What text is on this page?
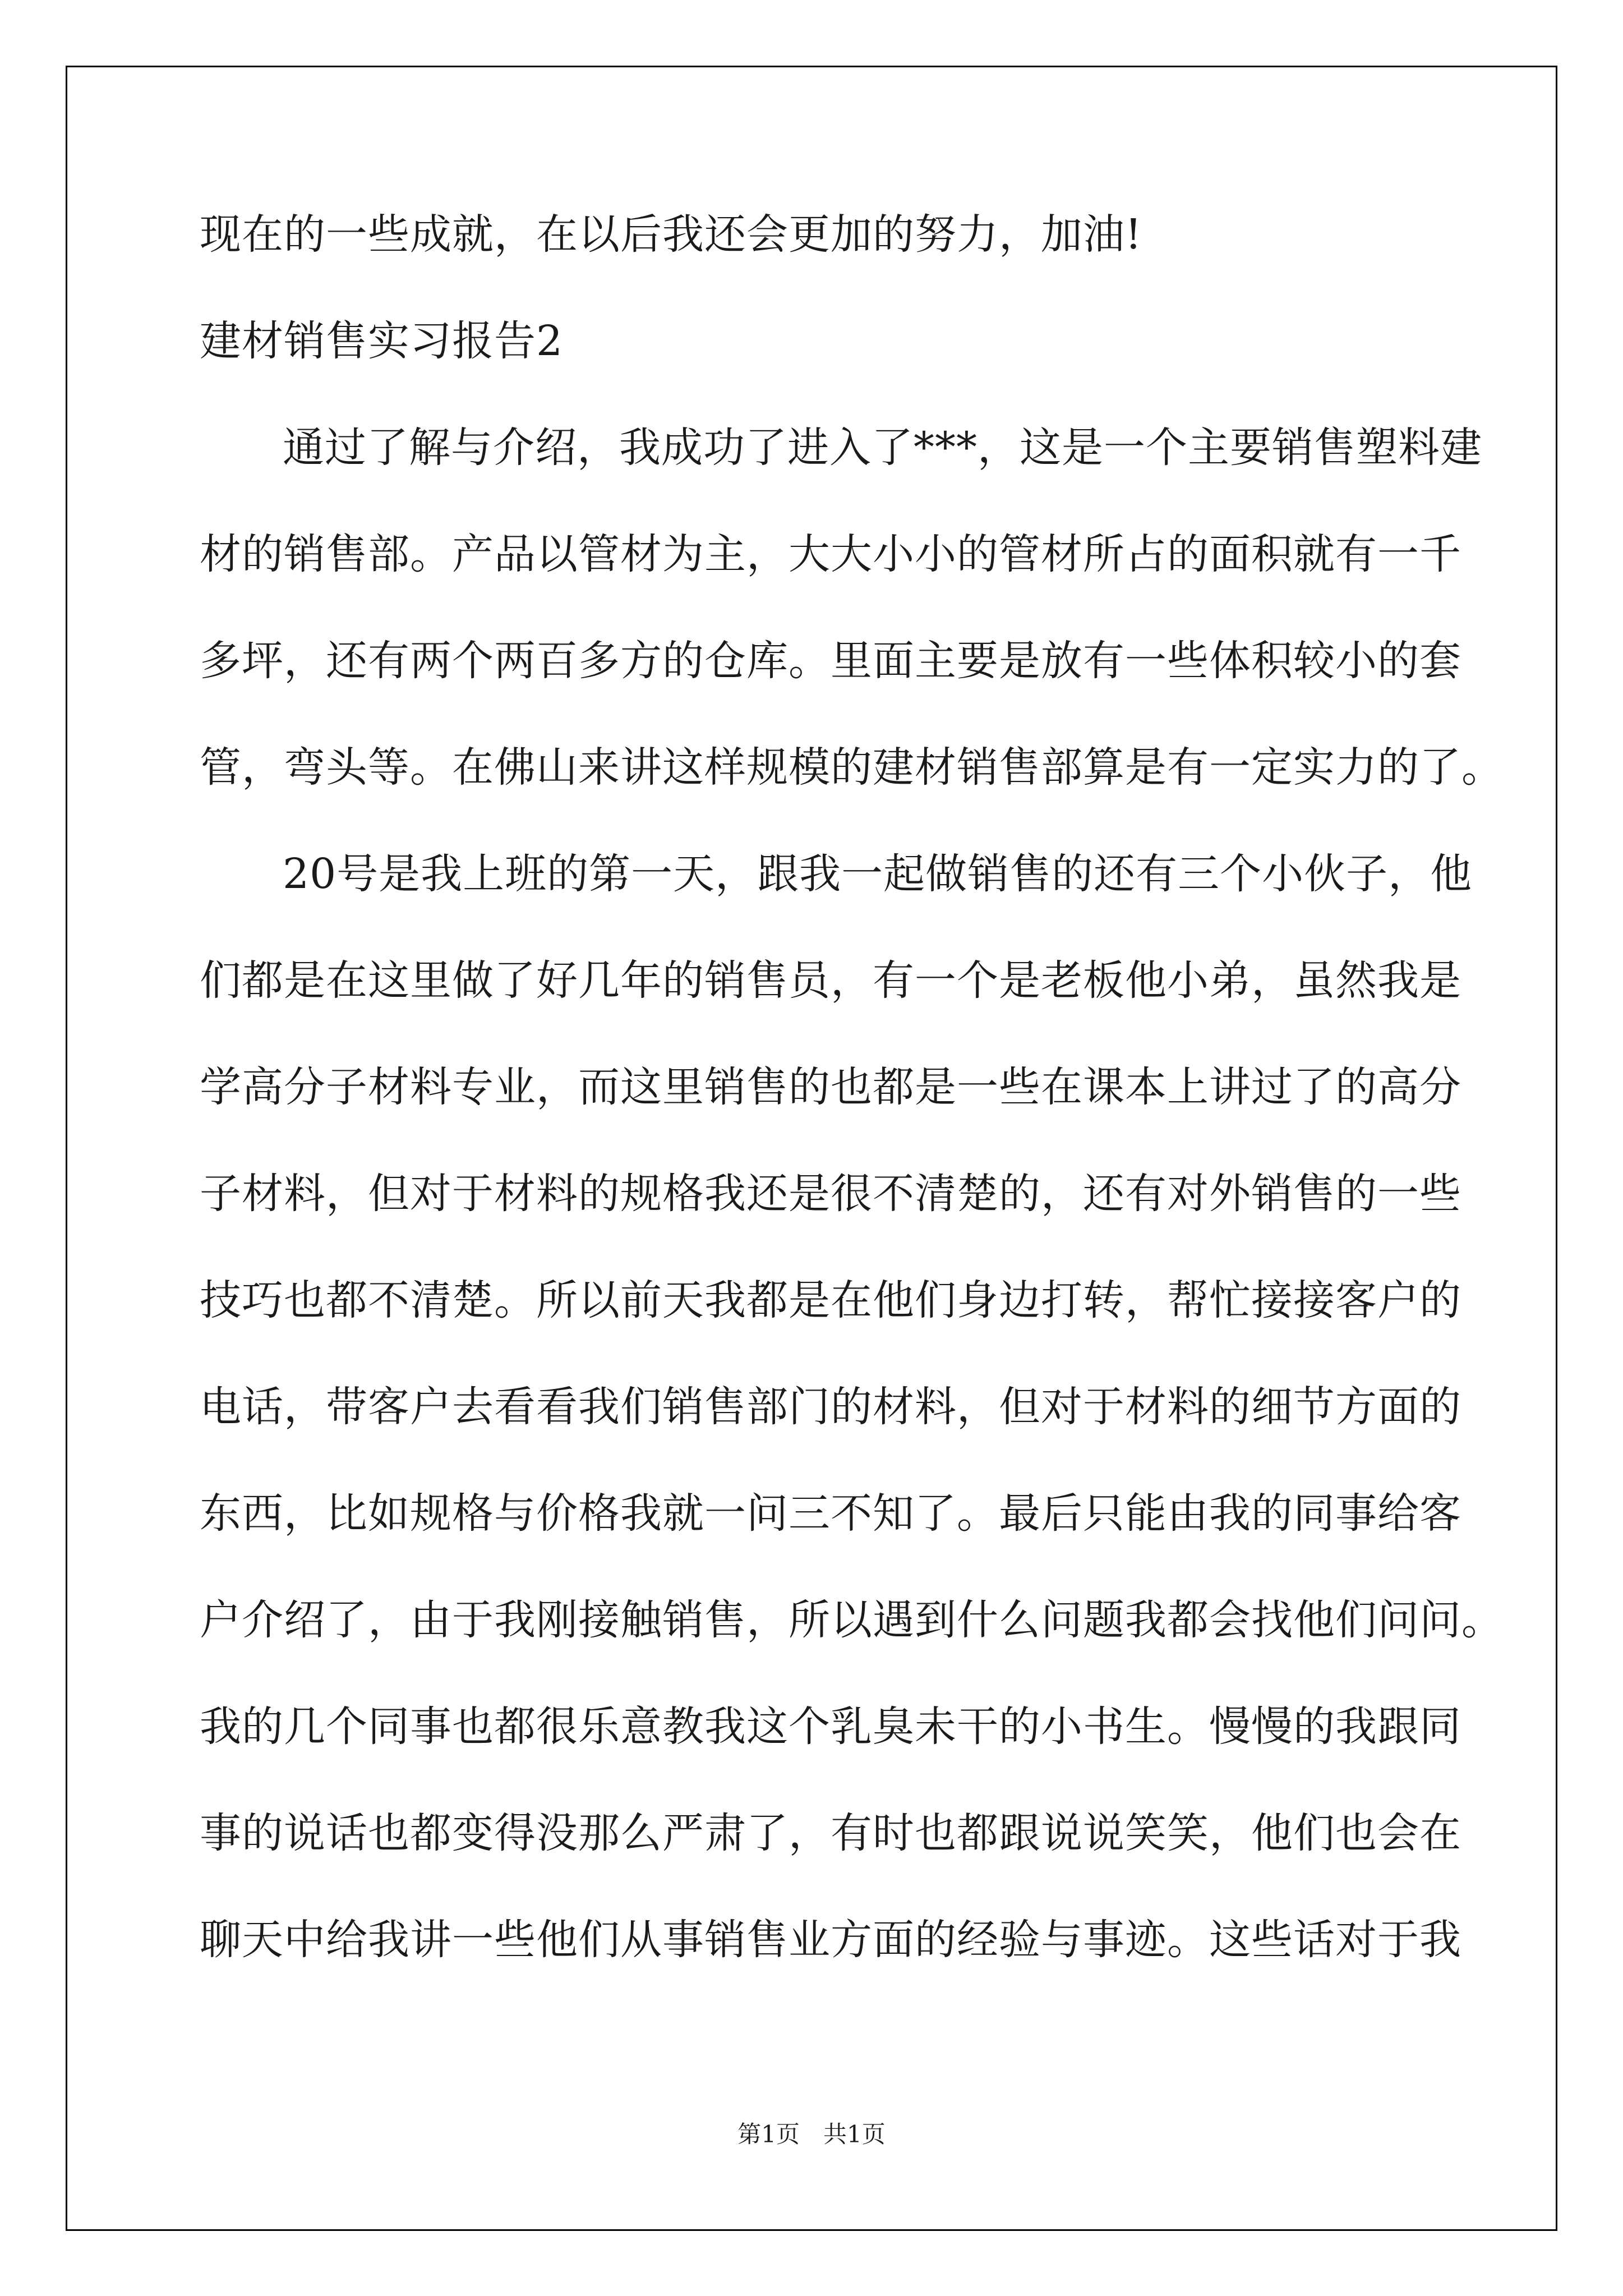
现在的一些成就，在以后我还会更加的努力，加油!
建材销售实习报告2
通过了解与介绍，我成功了进入了***，这是一个主要销售塑料建
材的销售部。产品以管材为主，大大小小的管材所占的面积就有一千
多坪，还有两个两百多方的仓库。里面主要是放有一些体积较小的套
管，弯头等。在佛山来讲这样规模的建材销售部算是有一定实力的了。
20号是我上班的第一天，跟我一起做销售的还有三个小伙子，他
们都是在这里做了好几年的销售员，有一个是老板他小弟，虽然我是
学高分子材料专业，而这里销售的也都是一些在课本上讲过了的高分
子材料，但对于材料的规格我还是很不清楚的，还有对外销售的一些
技巧也都不清楚。所以前天我都是在他们身边打转，帮忙接接客户的
电话，带客户去看看我们销售部门的材料，但对于材料的细节方面的
东西，比如规格与价格我就一问三不知了。最后只能由我的同事给客
户介绍了，由于我刚接触销售，所以遇到什么问题我都会找他们问问。
我的几个同事也都很乐意教我这个乳臭未干的小书生。慢慢的我跟同
事的说话也都变得没那么严肃了，有时也都跟说说笑笑，他们也会在
聊天中给我讲一些他们从事销售业方面的经验与事迹。这些话对于我
第1页　共1页
